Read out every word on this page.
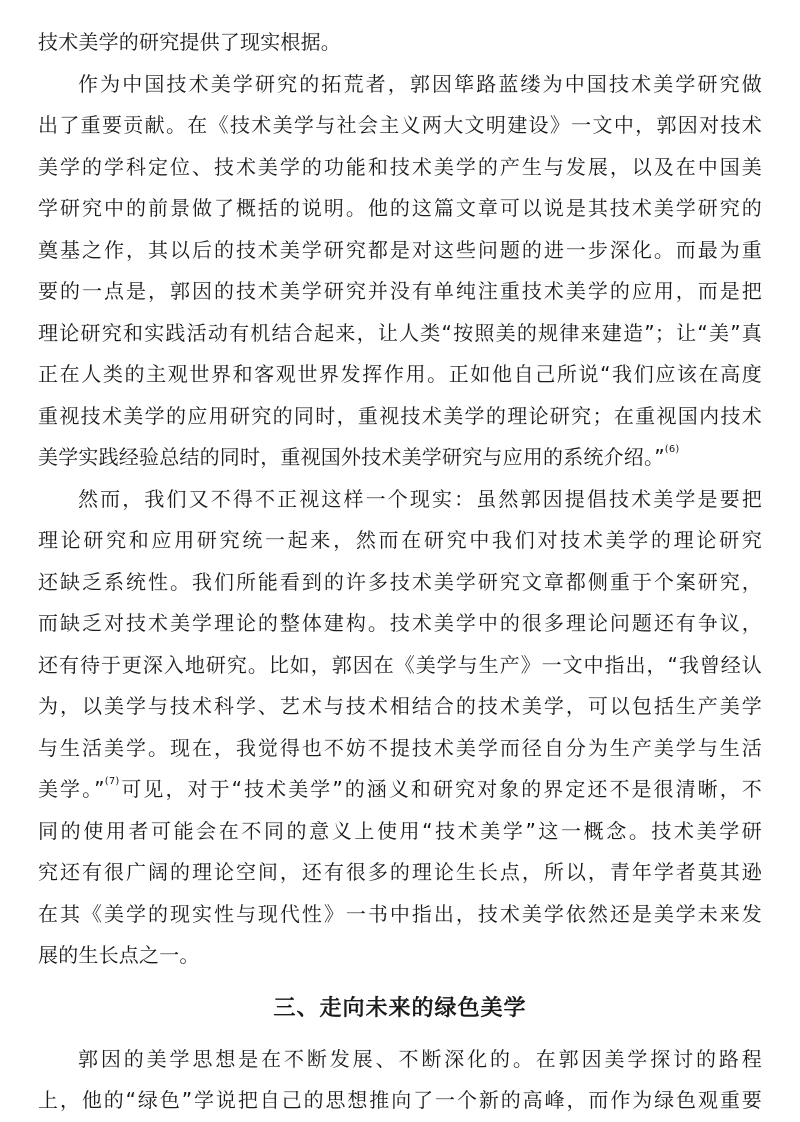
技术美学的研究提供了现实根据。
作为中国技术美学研究的拓荒者，郭因筚路蓝缕为中国技术美学研究做
出了重要贡献。在《技术美学与社会主义两大文明建设》一文中，郭因对技术
美学的学科定位、技术美学的功能和技术美学的产生与发展，以及在中国美
学研究中的前景做了概括的说明。他的这篇文章可以说是其技术美学研究的
奠基之作，其以后的技术美学研究都是对这些问题的进一步深化。而最为重
要的一点是，郭因的技术美学研究并没有单纯注重技术美学的应用，而是把
理论研究和实践活动有机结合起来，让人类“按照美的规律来建造”；让“美”真
正在人类的主观世界和客观世界发挥作用。正如他自己所说“我们应该在高度
重视技术美学的应用研究的同时，重视技术美学的理论研究；在重视国内技术
美学实践经验总结的同时，重视国外技术美学研究与应用的系统介绍。”$^{(6)}$
然而，我们又不得不正视这样一个现实：虽然郭因提倡技术美学是要把
理论研究和应用研究统一起来，然而在研究中我们对技术美学的理论研究
还缺乏系统性。我们所能看到的许多技术美学研究文章都侧重于个案研究，
而缺乏对技术美学理论的整体建构。技术美学中的很多理论问题还有争议，
还有待于更深入地研究。比如，郭因在《美学与生产》一文中指出，“我曾经认
为，以美学与技术科学、艺术与技术相结合的技术美学，可以包括生产美学
与生活美学。现在，我觉得也不妨不提技术美学而径自分为生产美学与生活
美学。”$^{(7)}$可见，对于“技术美学”的涵义和研究对象的界定还不是很清晰，不
同的使用者可能会在不同的意义上使用“技术美学”这一概念。技术美学研
究还有很广阔的理论空间，还有很多的理论生长点，所以，青年学者莫其逊
在其《美学的现实性与现代性》一书中指出，技术美学依然还是美学未来发
展的生长点之一。
三、走向未来的绿色美学
郭因的美学思想是在不断发展、不断深化的。在郭因美学探讨的路程
上，他的“绿色”学说把自己的思想推向了一个新的高峰，而作为绿色观重要
